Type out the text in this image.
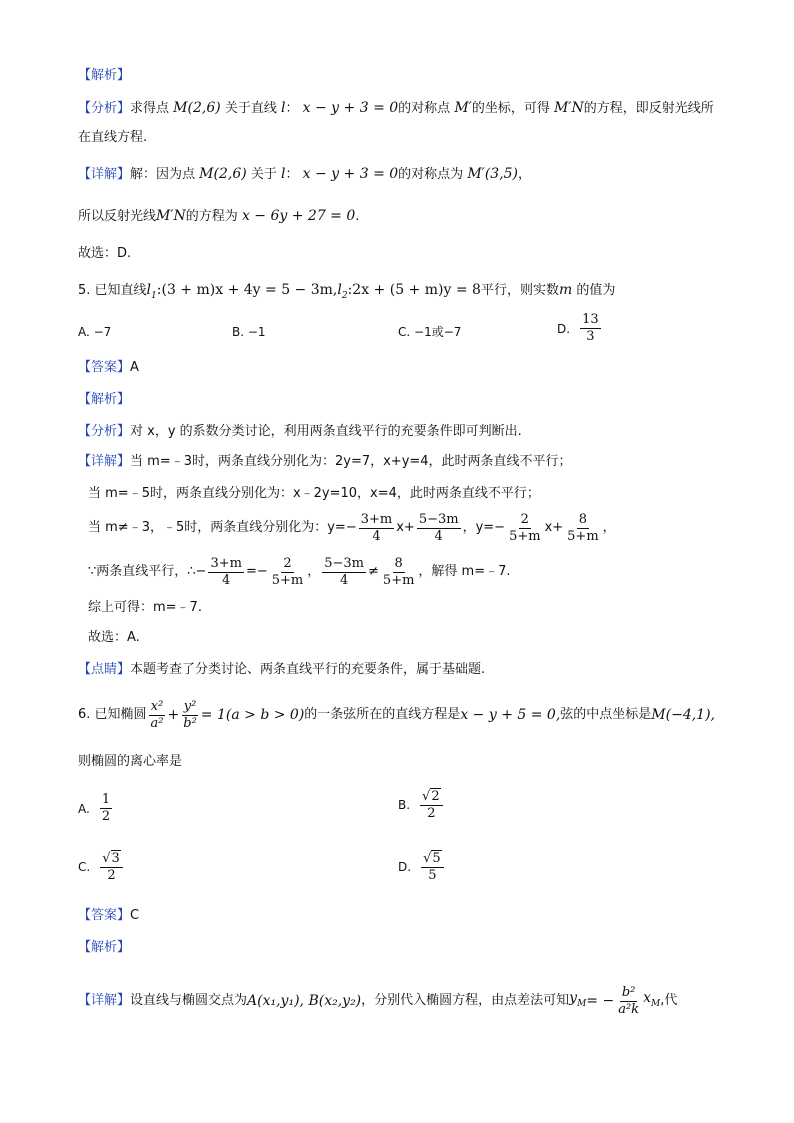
【解析】
【分析】求得点 M(2,6) 关于直线 l： x − y + 3 = 0的对称点 M′的坐标，可得 M′N的方程，即反射光线所
在直线方程.
【详解】解：因为点 M(2,6) 关于 l： x − y + 3 = 0的对称点为 M′(3,5)，
所以反射光线M′N的方程为 x − 6y + 27 = 0.
故选：D.
5. 已知直线$l_1:(3 + m)x + 4y = 5$ − $3m,l_2:2x + (5 + m)y = 8$平行，则实数m 的值为
A. −7	B. −1	C. −1或−7	D. $\frac{13}{3}$
【答案】A
【解析】
【分析】对 x，y 的系数分类讨论，利用两条直线平行的充要条件即可判断出.
【详解】当 m=﹣3时，两条直线分别化为：2y=7，x+y=4，此时两条直线不平行；
当 m=﹣5时，两条直线分别化为：x﹣2y=10，x=4，此时两条直线不平行；
当 m≠﹣3，﹣5时，两条直线分别化为：$y=- \frac{3+m}{4} x+ \frac{5-3m}{4}$ ，$y=- \frac{2}{5+m} x+ \frac{8}{5+m}$ ，
∵两条直线平行，∴− $\frac{3+m}{4} =- \frac{2}{5+m}$ ， $\frac{5-3m}{4} \ne \frac{8}{5+m}$ ，解得 m=﹣7.
综上可得：m=﹣7.
故选：A.
【点睛】本题考查了分类讨论、两条直线平行的充要条件，属于基础题.
6. 已知椭圆 $\frac{\text{x²}}{\text{a²}} + \frac{\text{y²}}{\text{b²}} = 1(a > b > 0)$ 的一条弦所在的直线方程是 x − y + 5 = 0, 弦的中点坐标是 M(−4,1),
则椭圆的离心率是
A. $\frac{1}{2}$	B. $\frac{√2}{2}$
C. $\frac{√3}{2}$	D. $\frac{√5}{5}$
【答案】C
【解析】
【详解】 设直线与椭圆交点为 A(x₁,y₁), B(x₂,y₂) ，分别代入椭圆方程，由点差法可知 $y_M$ = − $\frac{\text{b²}}{\text{a²k}} x_M$ ,代
